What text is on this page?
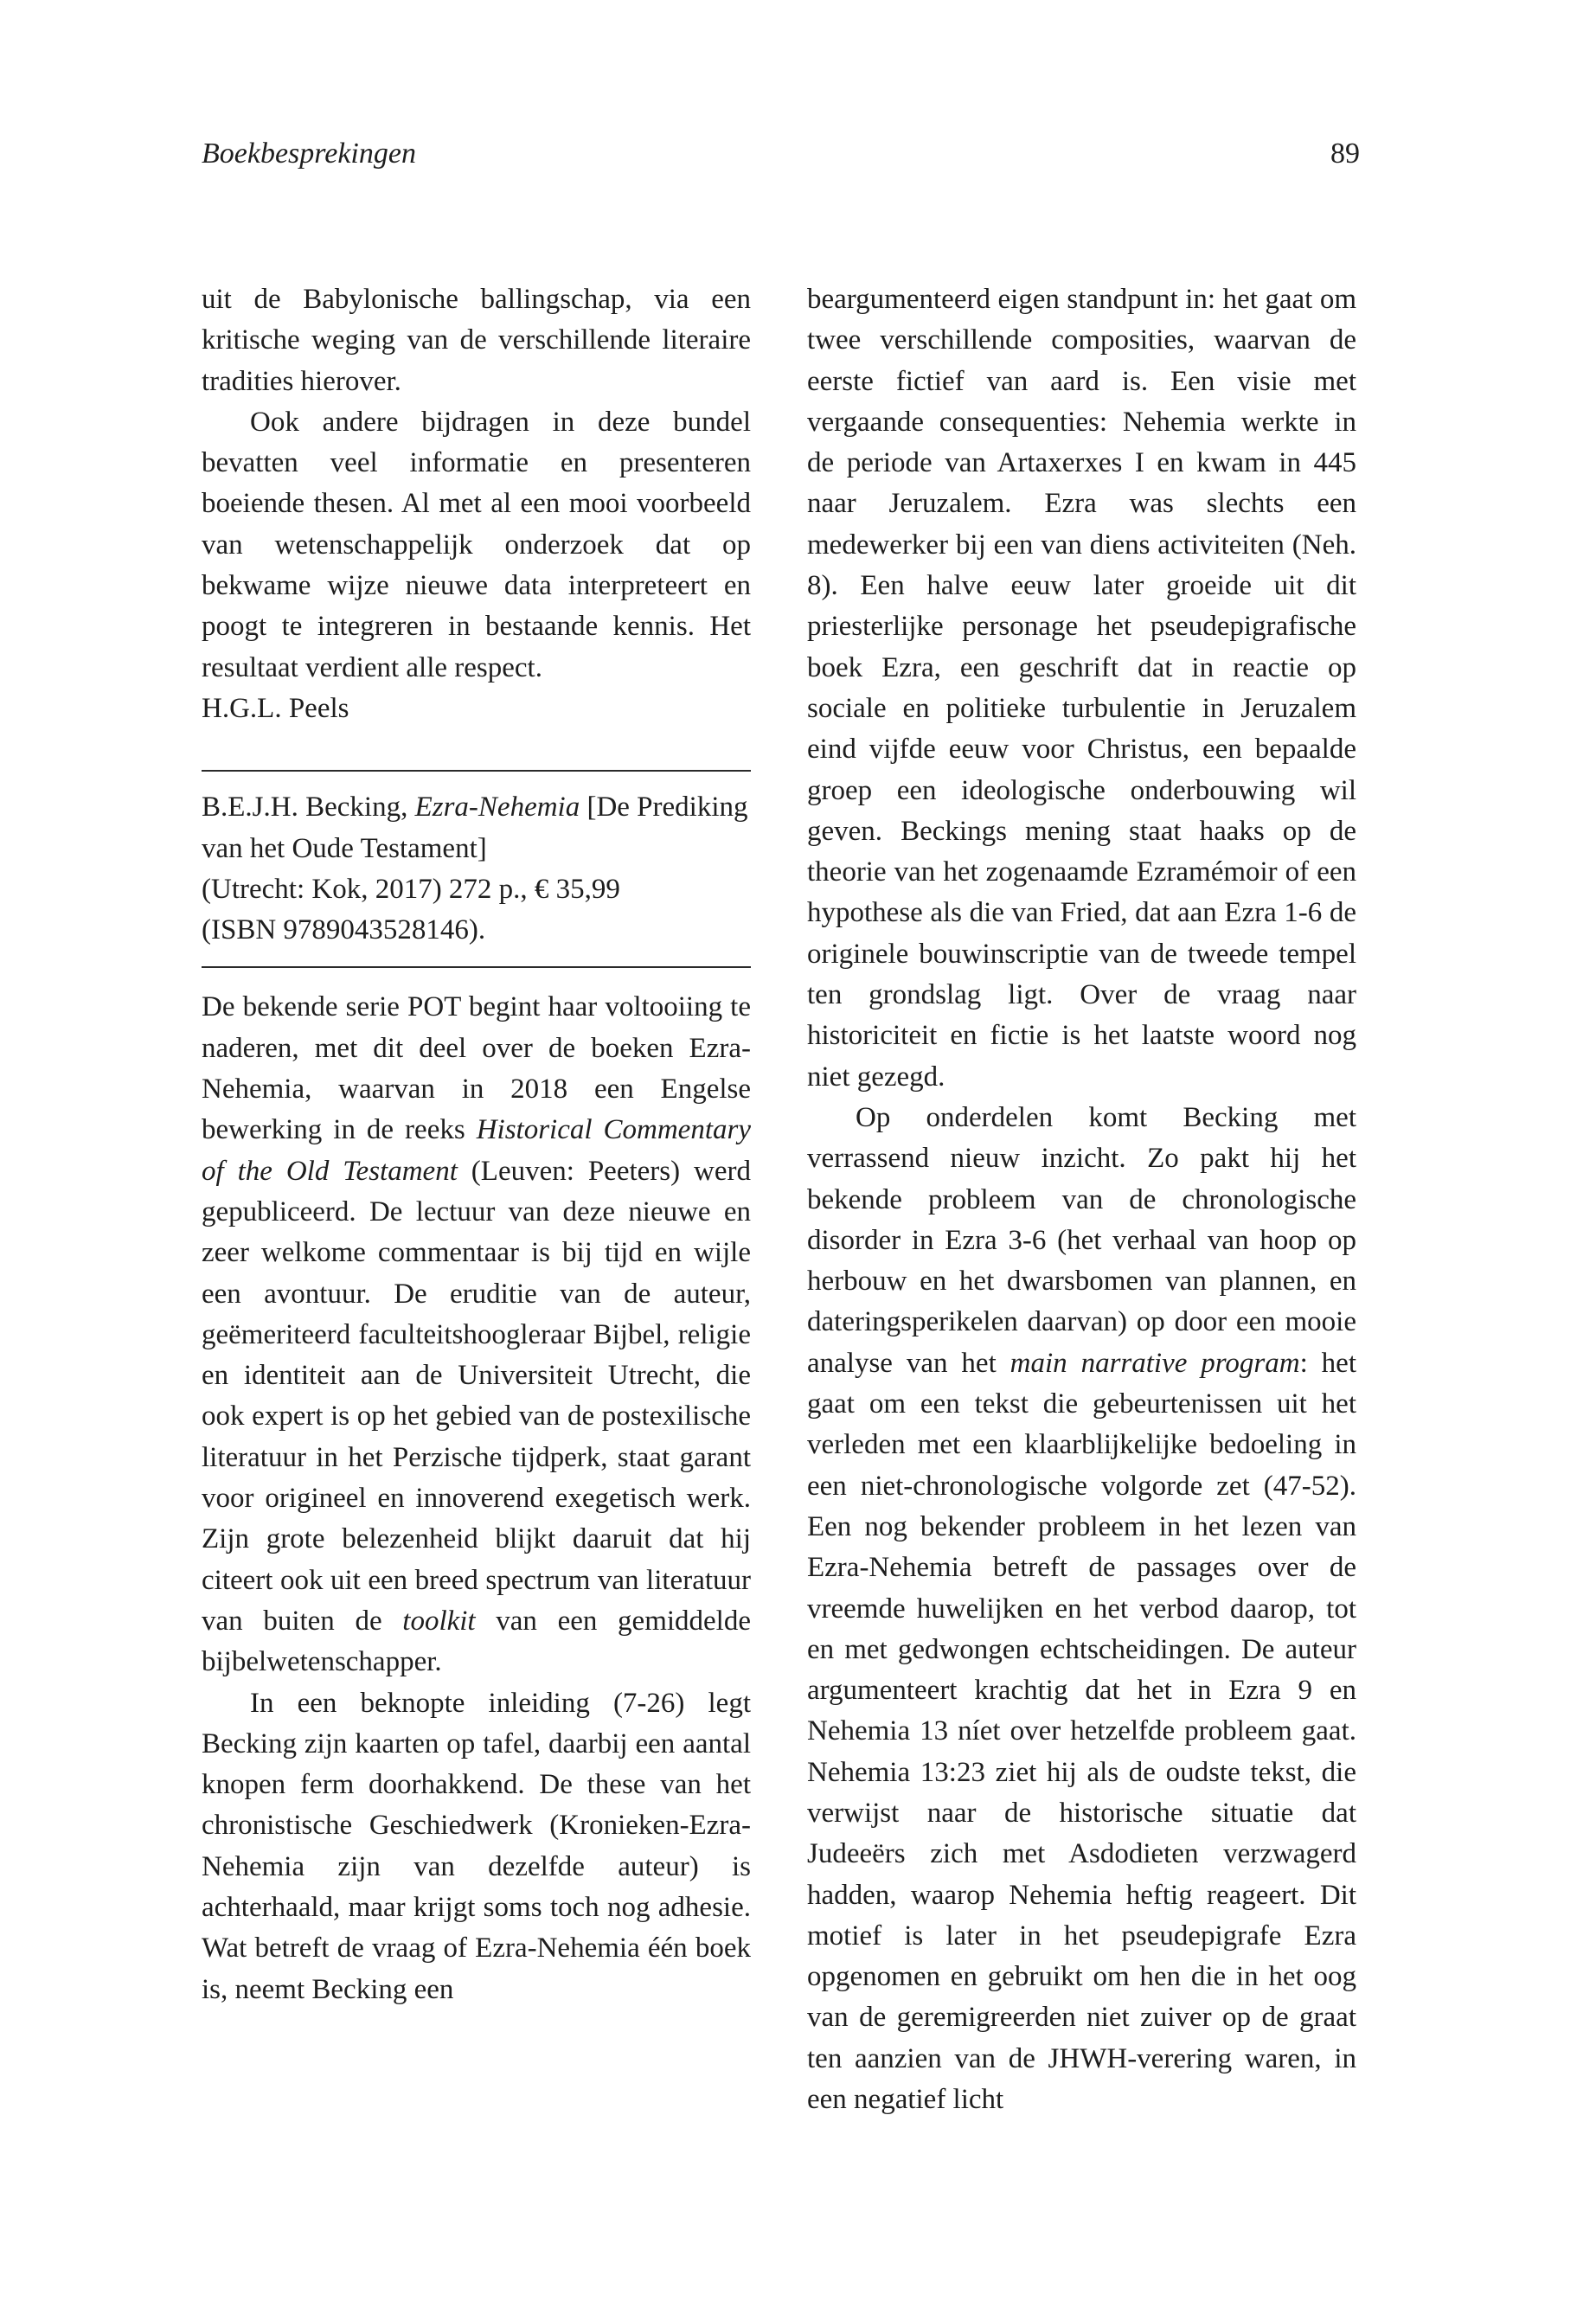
Boekbesprekingen	89

uit de Babylonische ballingschap, via een kritische weging van de verschillende literaire tradities hierover.

Ook andere bijdragen in deze bundel bevatten veel informatie en presenteren boeiende thesen. Al met al een mooi voorbeeld van wetenschappelijk onderzoek dat op bekwame wijze nieuwe data interpreteert en poogt te integreren in bestaande kennis. Het resultaat verdient alle respect.

H.G.L. Peels

B.E.J.H. Becking, Ezra-Nehemia [De Prediking van het Oude Testament]
(Utrecht: Kok, 2017) 272 p., € 35,99
(ISBN 9789043528146).

De bekende serie POT begint haar voltooiing te naderen, met dit deel over de boeken Ezra-Nehemia, waarvan in 2018 een Engelse bewerking in de reeks Historical Commentary of the Old Testament (Leuven: Peeters) werd gepubliceerd. De lectuur van deze nieuwe en zeer welkome commentaar is bij tijd en wijle een avontuur. De eruditie van de auteur, geëmeriteerd faculteitshoogleraar Bijbel, religie en identiteit aan de Universiteit Utrecht, die ook expert is op het gebied van de postexilische literatuur in het Perzische tijdperk, staat garant voor origineel en innoverend exegetisch werk. Zijn grote belezenheid blijkt daaruit dat hij citeert ook uit een breed spectrum van literatuur van buiten de toolkit van een gemiddelde bijbelwetenschapper.

In een beknopte inleiding (7-26) legt Becking zijn kaarten op tafel, daarbij een aantal knopen ferm doorhakkend. De these van het chronistische Geschiedwerk (Kronieken-Ezra-Nehemia zijn van dezelfde auteur) is achterhaald, maar krijgt soms toch nog adhesie. Wat betreft de vraag of Ezra-Nehemia één boek is, neemt Becking een

beargumenteerd eigen standpunt in: het gaat om twee verschillende composities, waarvan de eerste fictief van aard is. Een visie met vergaande consequenties: Nehemia werkte in de periode van Artaxerxes I en kwam in 445 naar Jeruzalem. Ezra was slechts een medewerker bij een van diens activiteiten (Neh. 8). Een halve eeuw later groeide uit dit priesterlijke personage het pseudepigrafische boek Ezra, een geschrift dat in reactie op sociale en politieke turbulentie in Jeruzalem eind vijfde eeuw voor Christus, een bepaalde groep een ideologische onderbouwing wil geven. Beckings mening staat haaks op de theorie van het zogenaamde Ezramémoir of een hypothese als die van Fried, dat aan Ezra 1-6 de originele bouwinscriptie van de tweede tempel ten grondslag ligt. Over de vraag naar historiciteit en fictie is het laatste woord nog niet gezegd.

Op onderdelen komt Becking met verrassend nieuw inzicht. Zo pakt hij het bekende probleem van de chronologische disorder in Ezra 3-6 (het verhaal van hoop op herbouw en het dwarsbomen van plannen, en dateringsperikelen daarvan) op door een mooie analyse van het main narrative program: het gaat om een tekst die gebeurtenissen uit het verleden met een klaarblijkelijke bedoeling in een niet-chronologische volgorde zet (47-52). Een nog bekender probleem in het lezen van Ezra-Nehemia betreft de passages over de vreemde huwelijken en het verbod daarop, tot en met gedwongen echtscheidingen. De auteur argumenteert krachtig dat het in Ezra 9 en Nehemia 13 níet over hetzelfde probleem gaat. Nehemia 13:23 ziet hij als de oudste tekst, die verwijst naar de historische situatie dat Judeeërs zich met Asdodieten verzwagerd hadden, waarop Nehemia heftig reageert. Dit motief is later in het pseudepigrafe Ezra opgenomen en gebruikt om hen die in het oog van de geremigreerden niet zuiver op de graat ten aanzien van de JHWH-verering waren, in een negatief licht
